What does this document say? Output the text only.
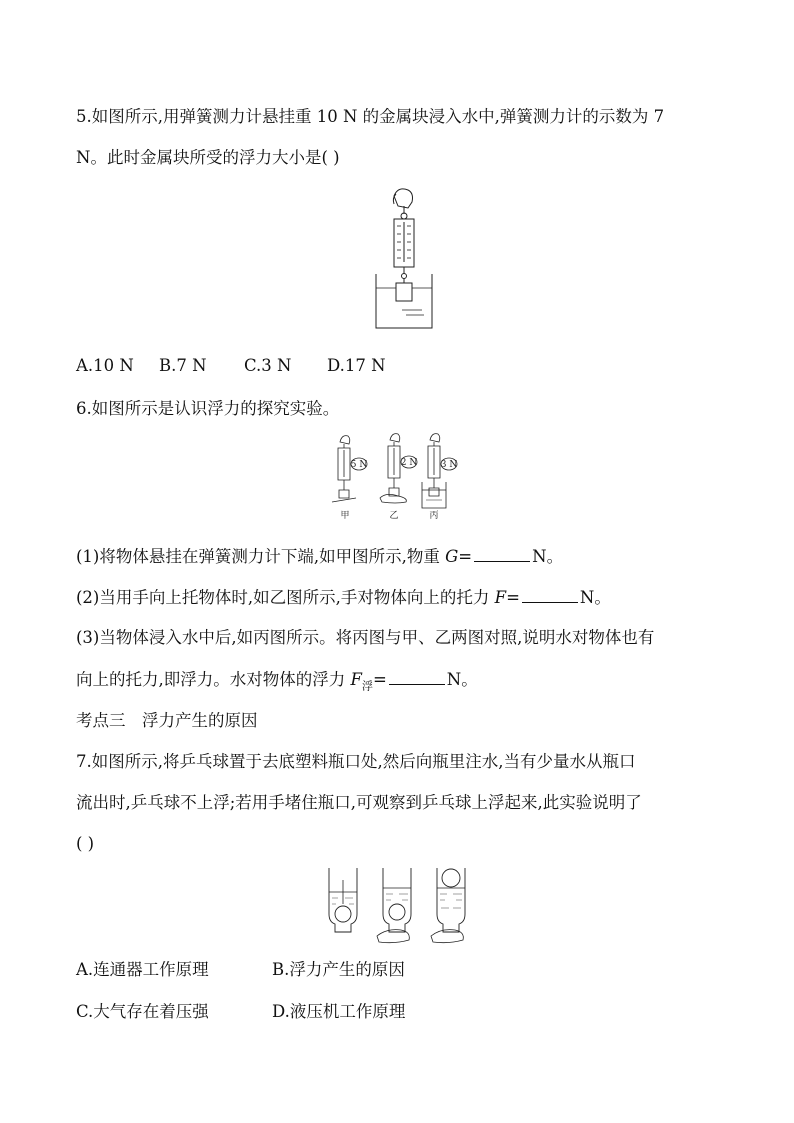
5.如图所示,用弹簧测力计悬挂重 10 N 的金属块浸入水中,弹簧测力计的示数为 7
N。此时金属块所受的浮力大小是( )
A.10 N B.7 N C.3 N D.17 N
6.如图所示是认识浮力的探究实验。
5 N
甲
2 N
乙
3 N
丙
(1)将物体悬挂在弹簧测力计下端,如甲图所示,物重 G=	N。
(2)当用手向上托物体时,如乙图所示,手对物体向上的托力 F=	N。
(3)当物体浸入水中后,如丙图所示。将丙图与甲、乙两图对照,说明水对物体也有
向上的托力,即浮力。水对物体的浮力 $F_浮=$	N。
考点三　浮力产生的原因
7.如图所示,将乒乓球置于去底塑料瓶口处,然后向瓶里注水,当有少量水从瓶口
流出时,乒乓球不上浮;若用手堵住瓶口,可观察到乒乓球上浮起来,此实验说明了
( )
A.连通器工作原理	B.浮力产生的原因
C.大气存在着压强	D.液压机工作原理
